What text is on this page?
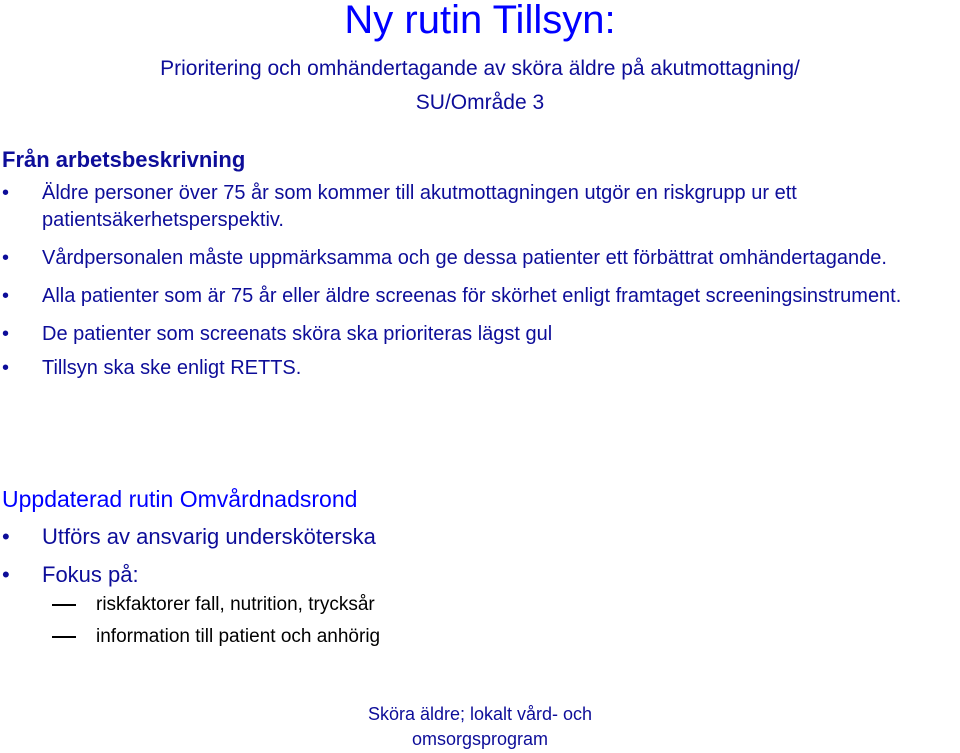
Ny rutin Tillsyn:
Prioritering och omhändertagande av sköra äldre på akutmottagning/
SU/Område 3
Från arbetsbeskrivning
•	Äldre personer över 75 år som kommer till akutmottagningen utgör en riskgrupp ur ett patientsäkerhetsperspektiv.
•	Vårdpersonalen måste uppmärksamma och ge dessa patienter ett förbättrat omhändertagande.
•	Alla patienter som är 75 år eller äldre screenas för skörhet enligt framtaget screeningsinstrument.
•	De patienter som screenats sköra ska prioriteras lägst gul
•	Tillsyn ska ske enligt RETTS.
Uppdaterad rutin Omvårdnadsrond
•	Utförs av ansvarig undersköterska
•	Fokus på:
riskfaktorer fall, nutrition, trycksår
information till patient och anhörig
Sköra äldre; lokalt vård- och
omsorgsprogram
